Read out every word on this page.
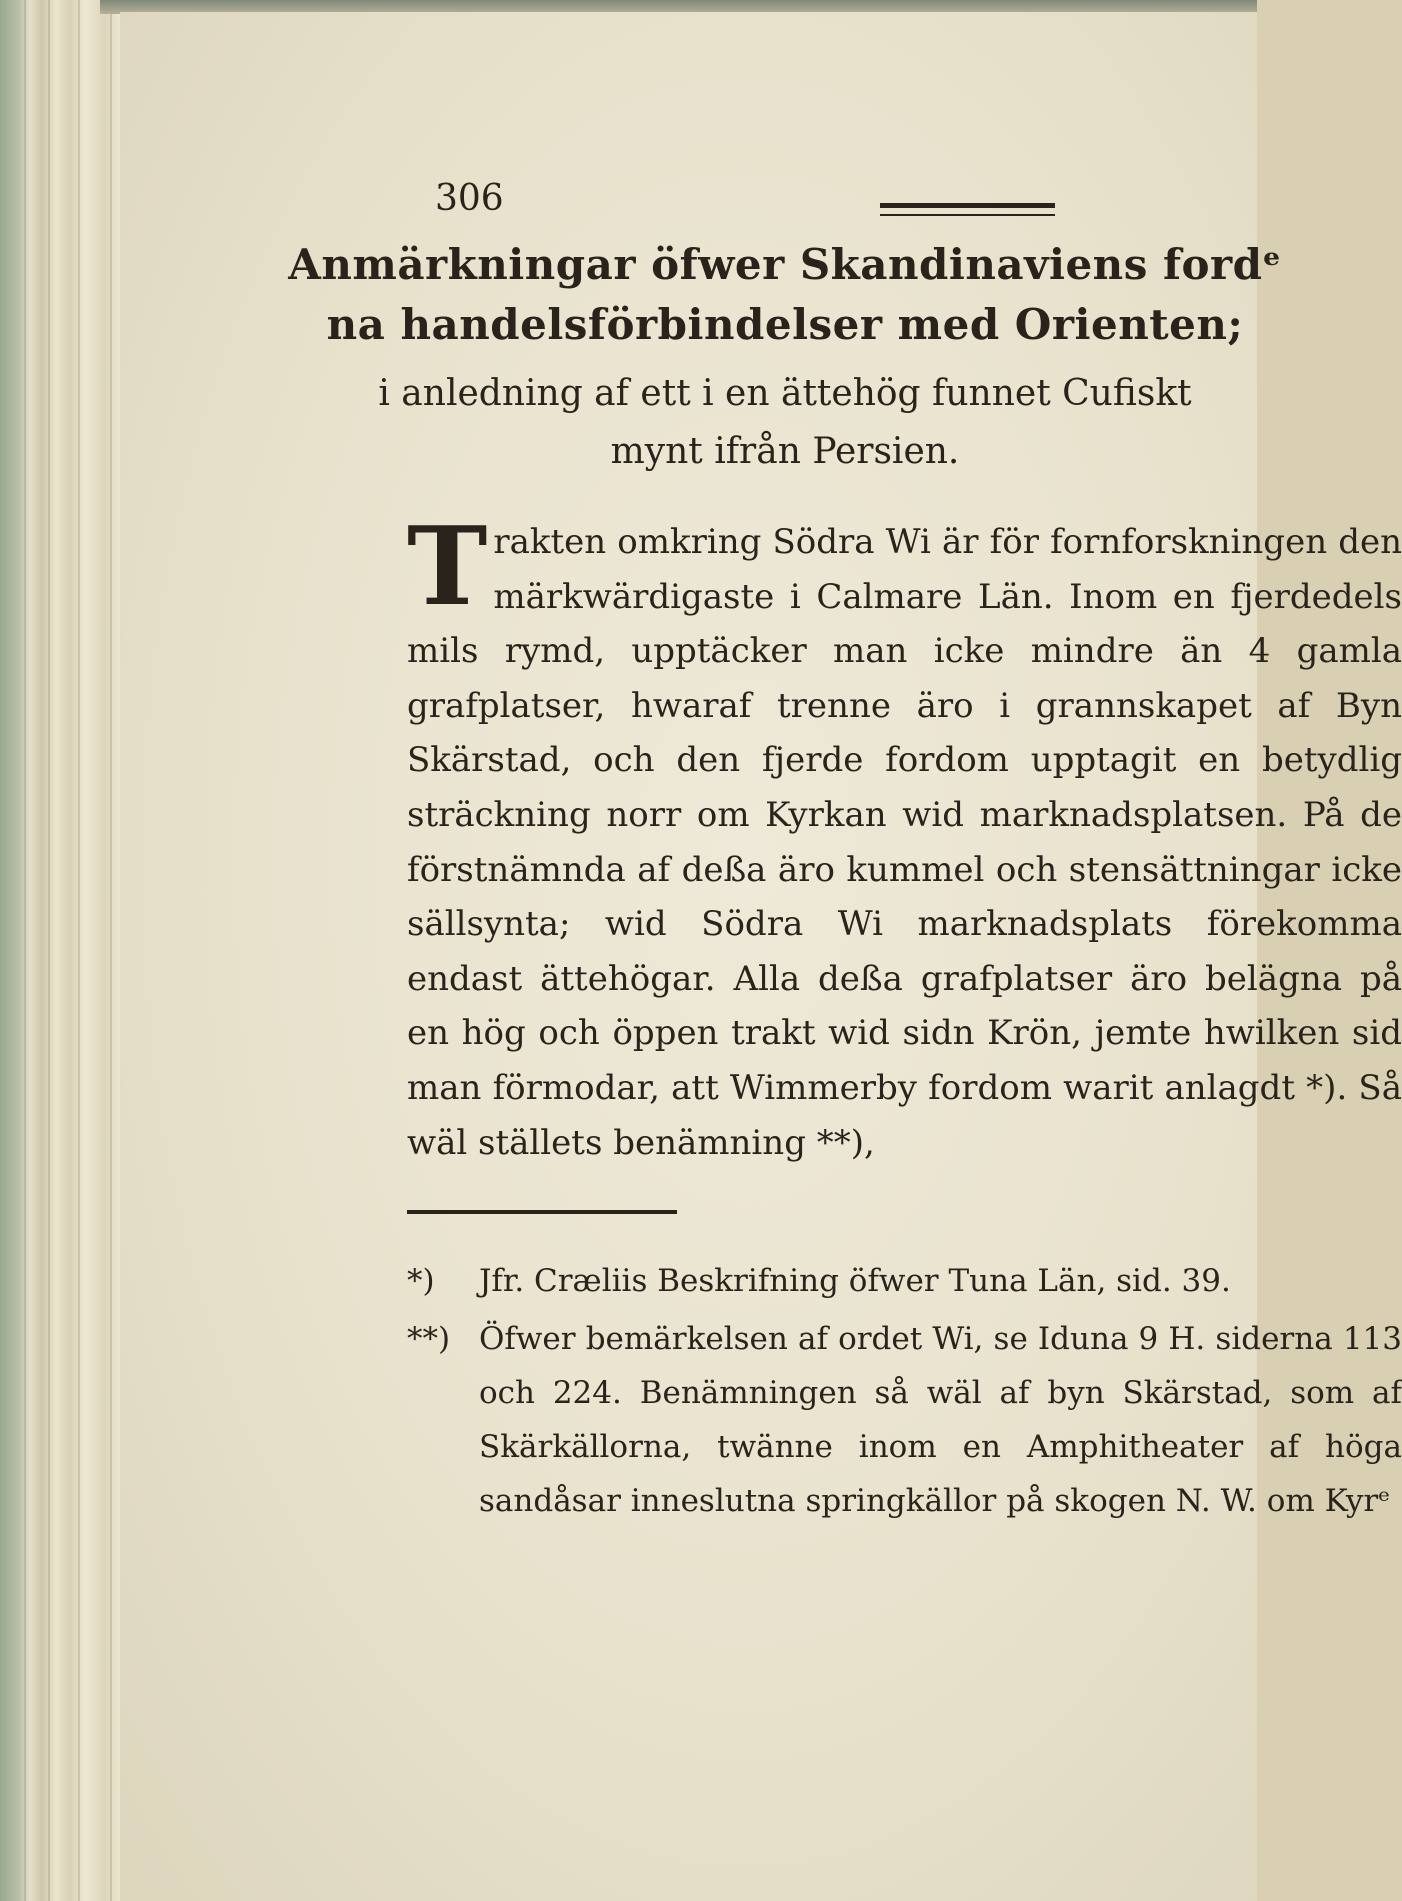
306
Anmärkningar öfwer Skandinaviens fordᵉ
na handelsförbindelser med Orienten;
i anledning af ett i en ättehög funnet Cufiskt
mynt ifrån Persien.
Trakten omkring Södra Wi är för fornforskningen den märkwärdigaste i Calmare Län. Inom en fjerdedels mils rymd, upptäcker man icke mindre än 4 gamla grafplatser, hwaraf trenne äro i grannskapet af Byn Skärstad, och den fjerde fordom upptagit en betydlig sträckning norr om Kyrkan wid marknadsplatsen. På de förstnämnda af deßa äro kummel och stensättningar icke sällsynta; wid Södra Wi marknadsplats förekomma endast ättehögar. Alla deßa grafplatser äro belägna på en hög och öppen trakt wid sidn Krön, jemte hwilken sid man förmodar, att Wimmerby fordom warit anlagdt *). Så wäl ställets benämning **),
*) Jfr. Cræliis Beskrifning öfwer Tuna Län, sid. 39.
**) Öfwer bemärkelsen af ordet Wi, se Iduna 9 H. siderna 113 och 224. Benämningen så wäl af byn Skärstad, som af Skärkällorna, twänne inom en Amphitheater af höga sandåsar inneslutna springkällor på skogen N. W. om Kyrᵉ
